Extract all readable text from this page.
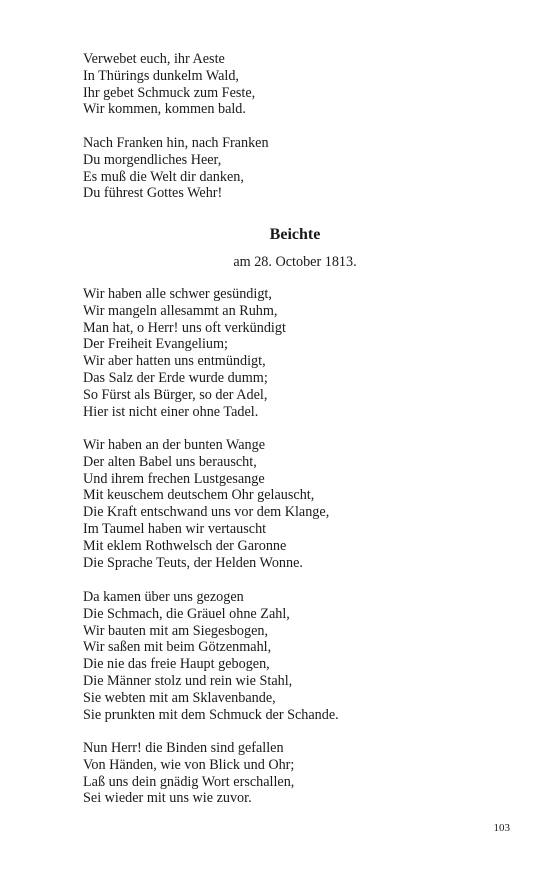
Verwebet euch, ihr Aeste
In Thürings dunkelm Wald,
Ihr gebet Schmuck zum Feste,
Wir kommen, kommen bald.
Nach Franken hin, nach Franken
Du morgendliches Heer,
Es muß die Welt dir danken,
Du führest Gottes Wehr!
Beichte

am 28. October 1813.

Wir haben alle schwer gesündigt,
Wir mangeln allesammt an Ruhm,
Man hat, o Herr! uns oft verkündigt
Der Freiheit Evangelium;
Wir aber hatten uns entmündigt,
Das Salz der Erde wurde dumm;
So Fürst als Bürger, so der Adel,
Hier ist nicht einer ohne Tadel.
Wir haben an der bunten Wange
Der alten Babel uns berauscht,
Und ihrem frechen Lustgesange
Mit keuschem deutschem Ohr gelauscht,
Die Kraft entschwand uns vor dem Klange,
Im Taumel haben wir vertauscht
Mit eklem Rothwelsch der Garonne
Die Sprache Teuts, der Helden Wonne.
Da kamen über uns gezogen
Die Schmach, die Gräuel ohne Zahl,
Wir bauten mit am Siegesbogen,
Wir saßen mit beim Götzenmahl,
Die nie das freie Haupt gebogen,
Die Männer stolz und rein wie Stahl,
Sie webten mit am Sklavenbande,
Sie prunkten mit dem Schmuck der Schande.
Nun Herr! die Binden sind gefallen
Von Händen, wie von Blick und Ohr;
Laß uns dein gnädig Wort erschallen,
Sei wieder mit uns wie zuvor.
103
